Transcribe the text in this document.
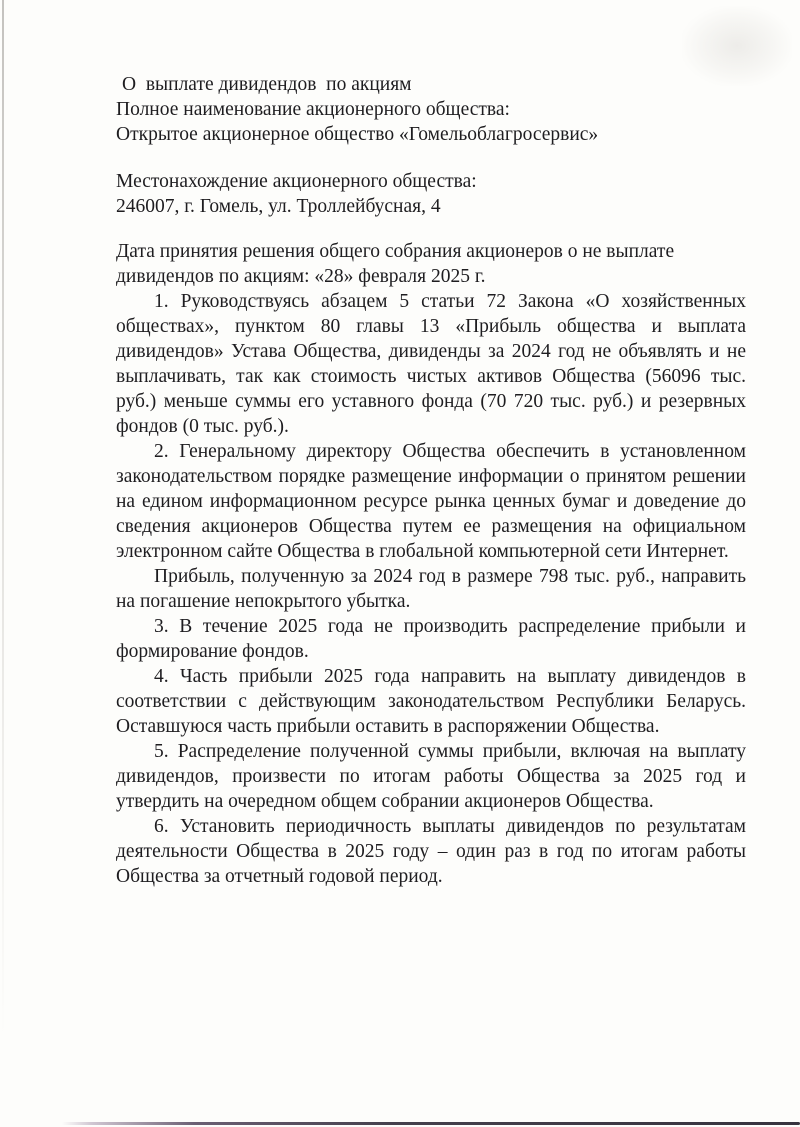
О  выплате дивидендов  по акциям

Полное наименование акционерного общества:

Открытое акционерное общество «Гомельоблагросервис»

Местонахождение акционерного общества:

246007, г. Гомель, ул. Троллейбусная, 4

Дата принятия решения общего собрания акционеров о не выплате дивидендов по акциям: «28» февраля 2025 г.

1. Руководствуясь абзацем 5 статьи 72 Закона «О хозяйственных обществах», пунктом 80 главы 13 «Прибыль общества и выплата дивидендов» Устава Общества, дивиденды за 2024 год не объявлять и не выплачивать, так как стоимость чистых активов Общества (56096 тыс. руб.) меньше суммы его уставного фонда (70 720 тыс. руб.) и резервных фондов (0 тыс. руб.).

2. Генеральному директору Общества обеспечить в установленном законодательством порядке размещение информации о принятом решении на едином информационном ресурсе рынка ценных бумаг и доведение до сведения акционеров Общества путем ее размещения на официальном электронном сайте Общества в глобальной компьютерной сети Интернет.

Прибыль, полученную за 2024 год в размере 798 тыс. руб., направить на погашение непокрытого убытка.

3. В течение 2025 года не производить распределение прибыли и формирование фондов.

4. Часть прибыли 2025 года направить на выплату дивидендов в соответствии с действующим законодательством Республики Беларусь. Оставшуюся часть прибыли оставить в распоряжении Общества.

5. Распределение полученной суммы прибыли, включая на выплату дивидендов, произвести по итогам работы Общества за 2025 год и утвердить на очередном общем собрании акционеров Общества.

6. Установить периодичность выплаты дивидендов по результатам деятельности Общества в 2025 году – один раз в год по итогам работы Общества за отчетный годовой период.
